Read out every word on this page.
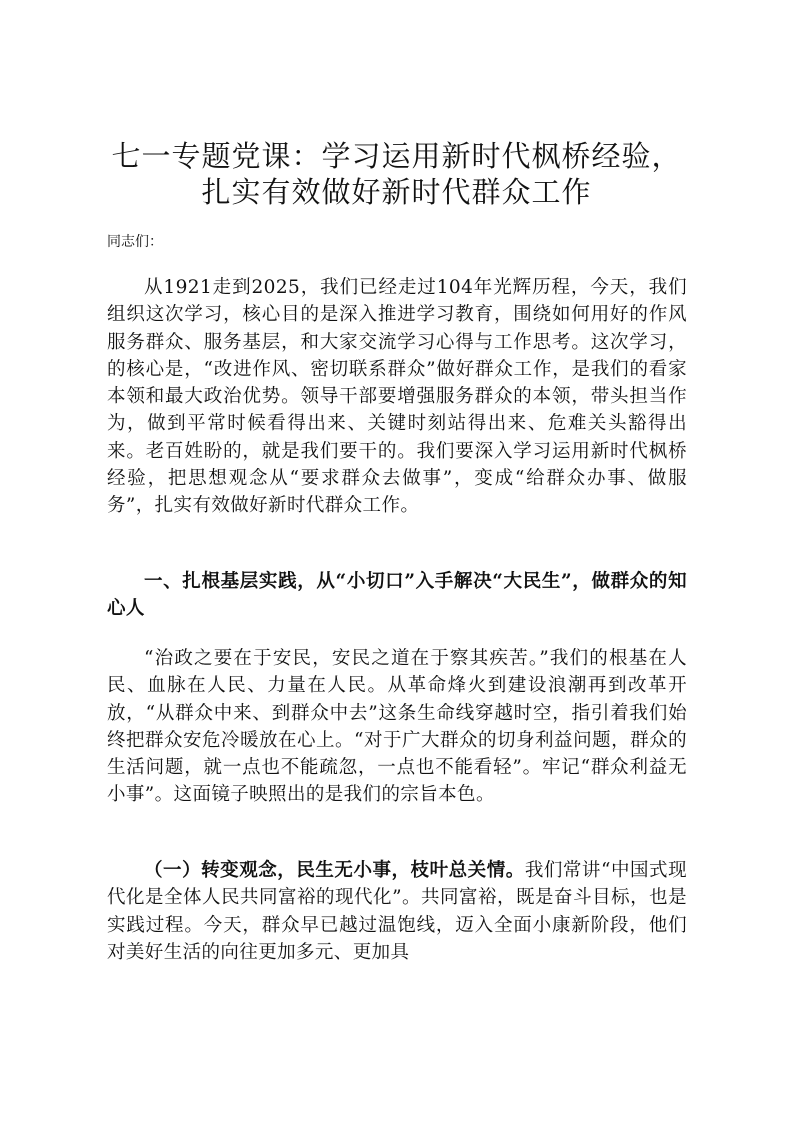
七一专题党课：学习运用新时代枫桥经验，扎实有效做好新时代群众工作
同志们：

从1921走到2025，我们已经走过104年光辉历程，今天，我们组织这次学习，核心目的是深入推进学习教育，围绕如何用好的作风服务群众、服务基层，和大家交流学习心得与工作思考。这次学习，的核心是，“改进作风、密切联系群众”做好群众工作，是我们的看家本领和最大政治优势。领导干部要增强服务群众的本领，带头担当作为，做到平常时候看得出来、关键时刻站得出来、危难关头豁得出来。老百姓盼的，就是我们要干的。我们要深入学习运用新时代枫桥经验，把思想观念从“要求群众去做事”，变成“给群众办事、做服务”，扎实有效做好新时代群众工作。

一、扎根基层实践，从“小切口”入手解决“大民生”，做群众的知心人

“治政之要在于安民，安民之道在于察其疾苦。”我们的根基在人民、血脉在人民、力量在人民。从革命烽火到建设浪潮再到改革开放，“从群众中来、到群众中去”这条生命线穿越时空，指引着我们始终把群众安危冷暖放在心上。“对于广大群众的切身利益问题，群众的生活问题，就一点也不能疏忽，一点也不能看轻”。牢记“群众利益无小事”。这面镜子映照出的是我们的宗旨本色。

（一）转变观念，民生无小事，枝叶总关情。我们常讲“中国式现代化是全体人民共同富裕的现代化”。共同富裕，既是奋斗目标，也是实践过程。今天，群众早已越过温饱线，迈入全面小康新阶段，他们对美好生活的向往更加多元、更加具
